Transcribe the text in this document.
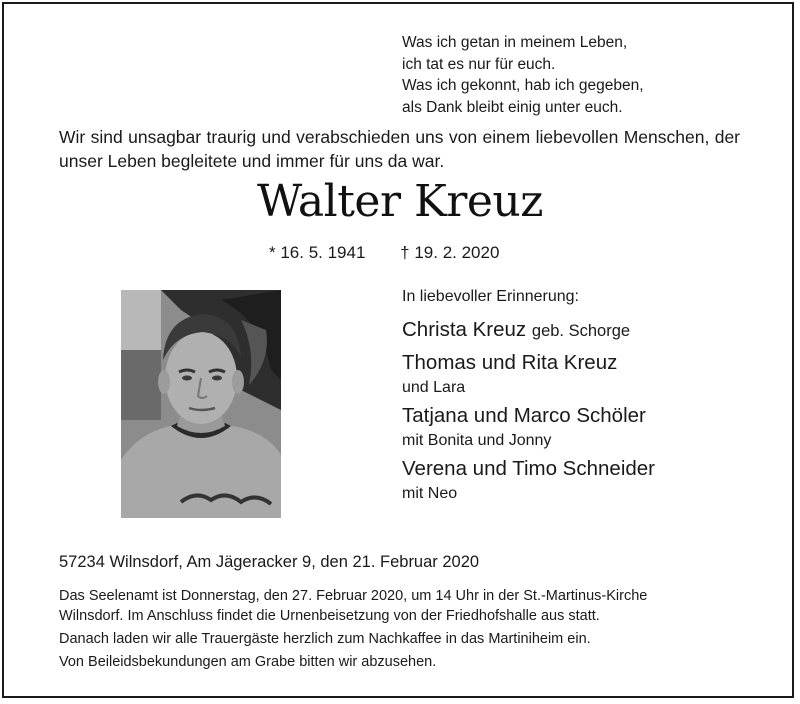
Was ich getan in meinem Leben,
ich tat es nur für euch.
Was ich gekonnt, hab ich gegeben,
als Dank bleibt einig unter euch.
Wir sind unsagbar traurig und verabschieden uns von einem liebevollen Menschen, der unser Leben begleitete und immer für uns da war.
Walter Kreuz
* 16. 5. 1941 † 19. 2. 2020
In liebevoller Erinnerung:
Christa Kreuz geb. Schorge
Thomas und Rita Kreuz
und Lara
Tatjana und Marco Schöler
mit Bonita und Jonny
Verena und Timo Schneider
mit Neo
57234 Wilnsdorf, Am Jägeracker 9, den 21. Februar 2020
Das Seelenamt ist Donnerstag, den 27. Februar 2020, um 14 Uhr in der St.-Martinus-Kirche
Wilnsdorf. Im Anschluss findet die Urnenbeisetzung von der Friedhofshalle aus statt.
Danach laden wir alle Trauergäste herzlich zum Nachkaffee in das Martiniheim ein.
Von Beileidsbekundungen am Grabe bitten wir abzusehen.
